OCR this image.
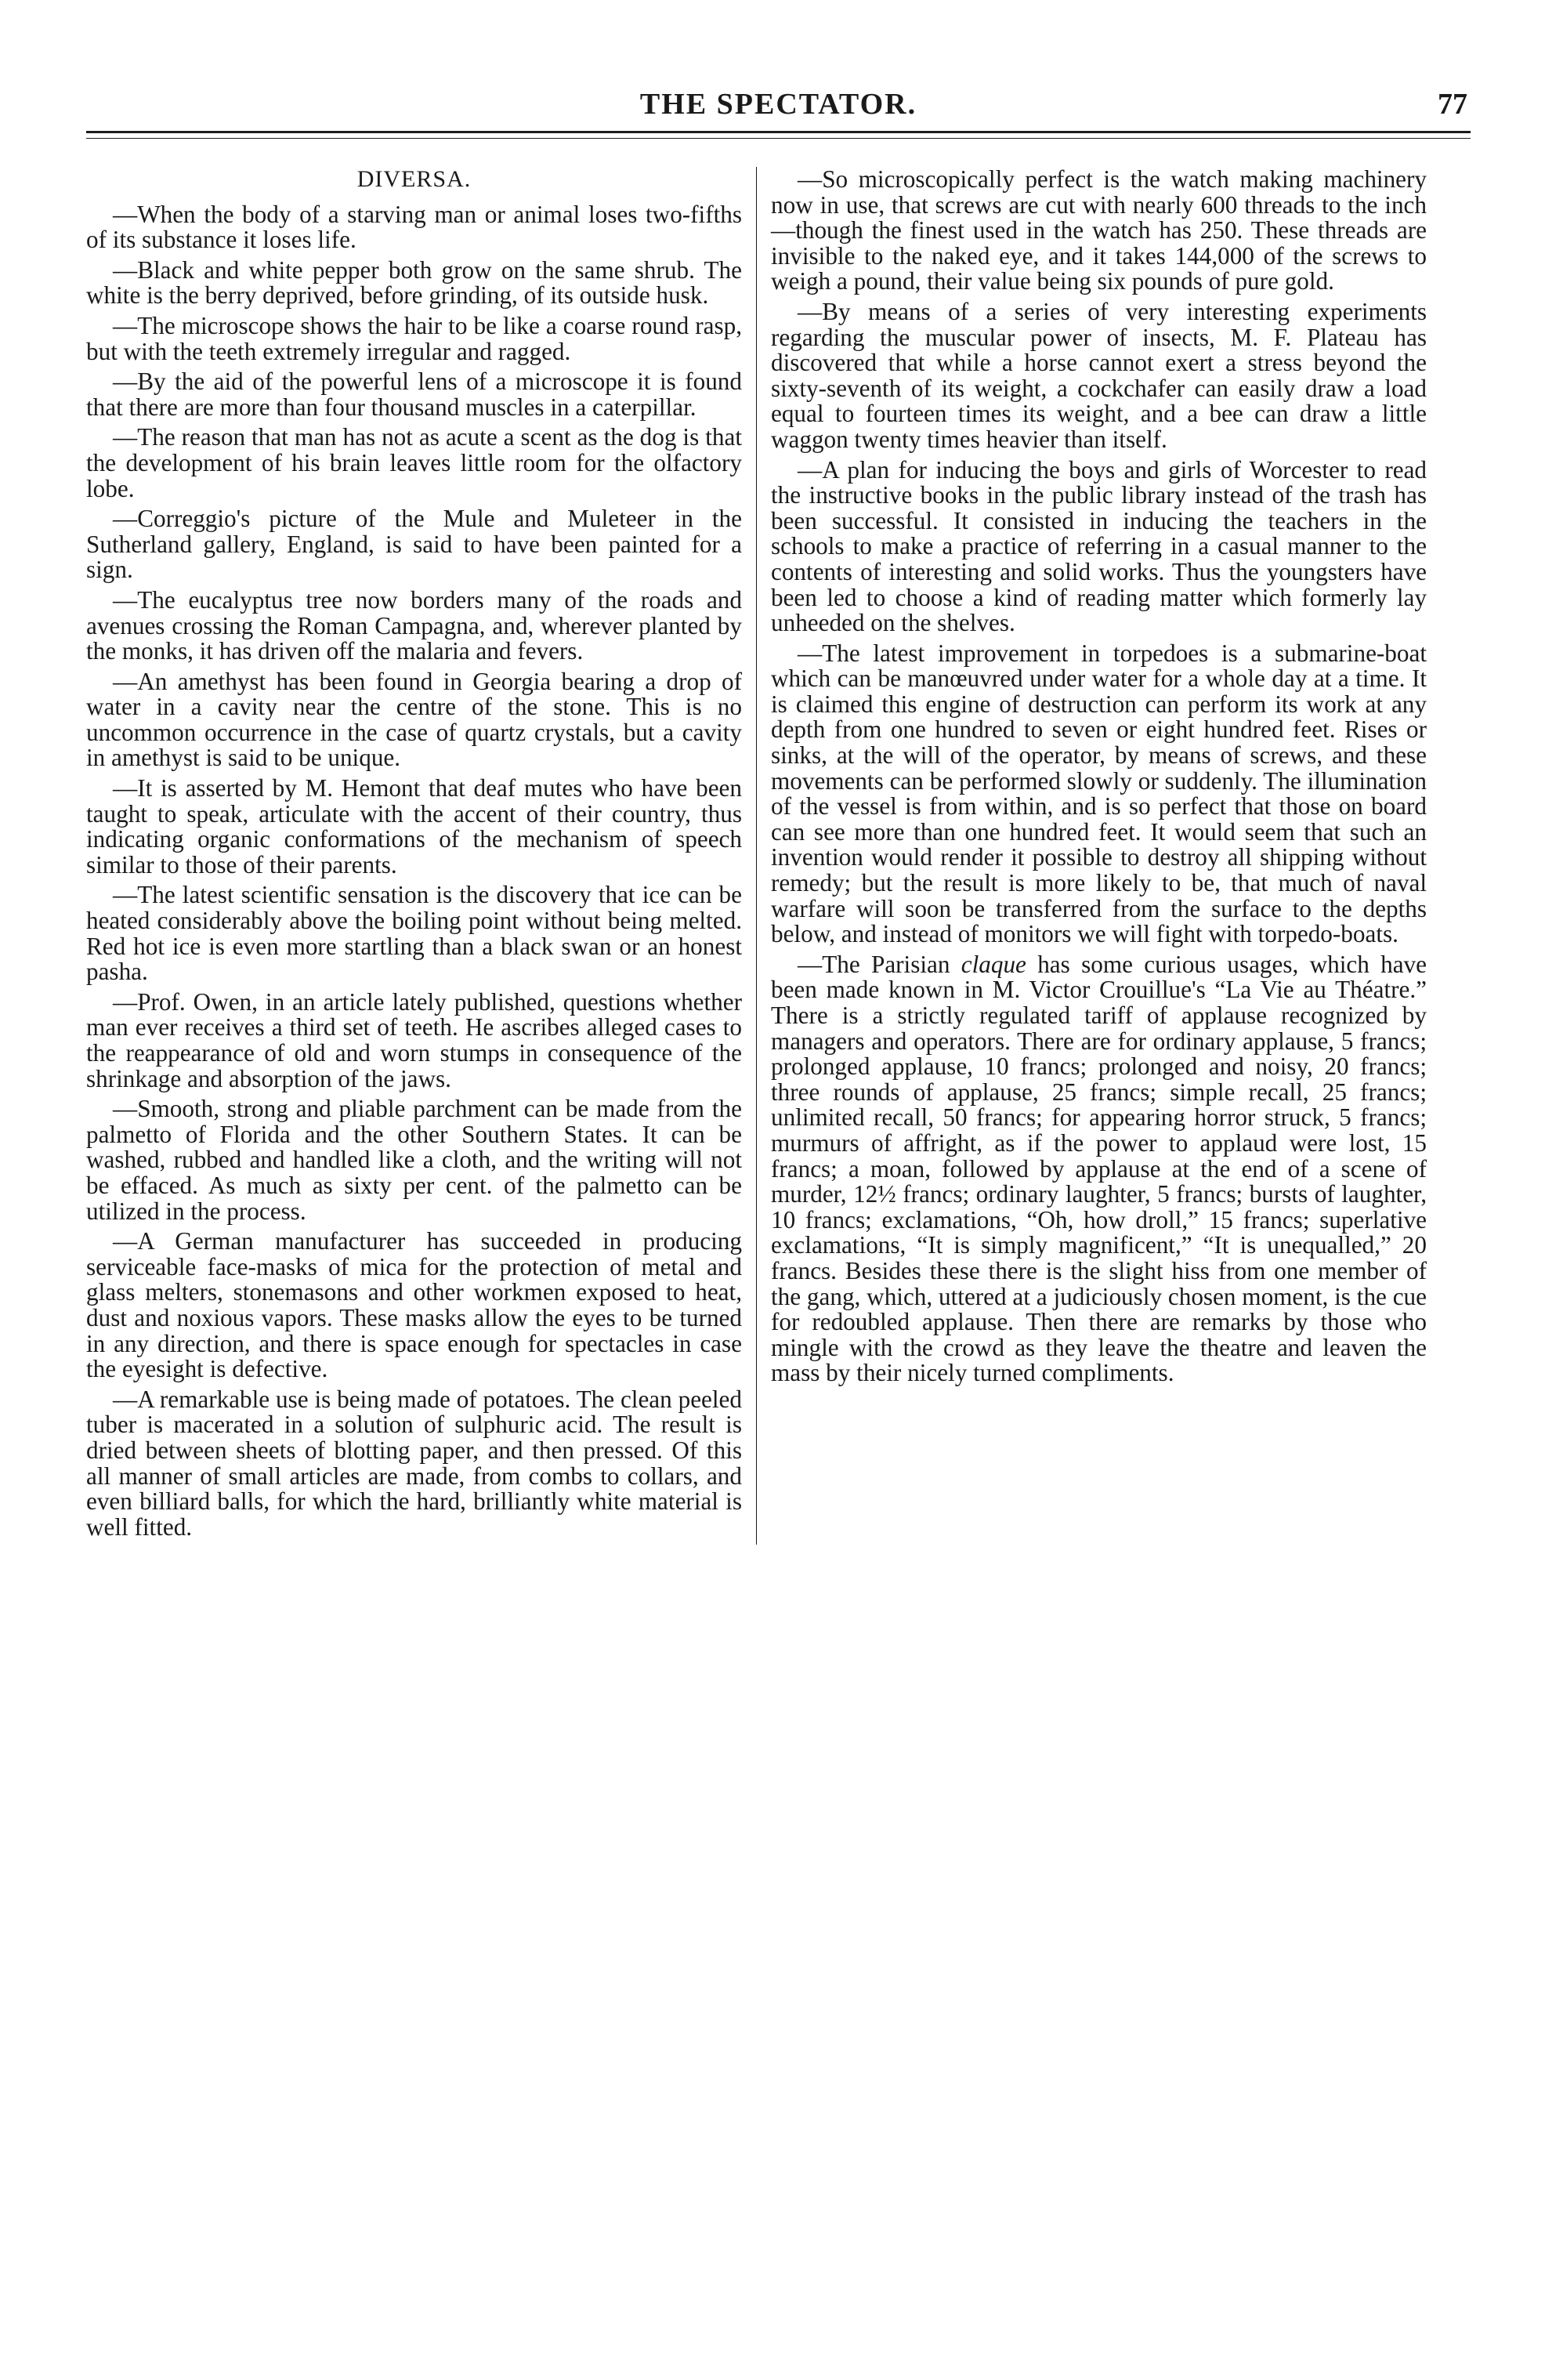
THE SPECTATOR.	77
DIVERSA.

—When the body of a starving man or animal loses two-fifths of its substance it loses life.

—Black and white pepper both grow on the same shrub. The white is the berry deprived, before grinding, of its outside husk.

—The microscope shows the hair to be like a coarse round rasp, but with the teeth extremely irregular and ragged.

—By the aid of the powerful lens of a microscope it is found that there are more than four thousand muscles in a caterpillar.

—The reason that man has not as acute a scent as the dog is that the development of his brain leaves little room for the olfactory lobe.

—Correggio's picture of the Mule and Muleteer in the Sutherland gallery, England, is said to have been painted for a sign.

—The eucalyptus tree now borders many of the roads and avenues crossing the Roman Campagna, and, wherever planted by the monks, it has driven off the malaria and fevers.

—An amethyst has been found in Georgia bearing a drop of water in a cavity near the centre of the stone. This is no uncommon occurrence in the case of quartz crystals, but a cavity in amethyst is said to be unique.

—It is asserted by M. Hemont that deaf mutes who have been taught to speak, articulate with the accent of their country, thus indicating organic conformations of the mechanism of speech similar to those of their parents.

—The latest scientific sensation is the discovery that ice can be heated considerably above the boiling point without being melted. Red hot ice is even more startling than a black swan or an honest pasha.

—Prof. Owen, in an article lately published, questions whether man ever receives a third set of teeth. He ascribes alleged cases to the reappearance of old and worn stumps in consequence of the shrinkage and absorption of the jaws.

—Smooth, strong and pliable parchment can be made from the palmetto of Florida and the other Southern States. It can be washed, rubbed and handled like a cloth, and the writing will not be effaced. As much as sixty per cent. of the palmetto can be utilized in the process.

—A German manufacturer has succeeded in producing serviceable face-masks of mica for the protection of metal and glass melters, stonemasons and other workmen exposed to heat, dust and noxious vapors. These masks allow the eyes to be turned in any direction, and there is space enough for spectacles in case the eyesight is defective.

—A remarkable use is being made of potatoes. The clean peeled tuber is macerated in a solution of sulphuric acid. The result is dried between sheets of blotting paper, and then pressed. Of this all manner of small articles are made, from combs to collars, and even billiard balls, for which the hard, brilliantly white material is well fitted.

—So microscopically perfect is the watch making machinery now in use, that screws are cut with nearly 600 threads to the inch—though the finest used in the watch has 250. These threads are invisible to the naked eye, and it takes 144,000 of the screws to weigh a pound, their value being six pounds of pure gold.

—By means of a series of very interesting experiments regarding the muscular power of insects, M. F. Plateau has discovered that while a horse cannot exert a stress beyond the sixty-seventh of its weight, a cockchafer can easily draw a load equal to fourteen times its weight, and a bee can draw a little waggon twenty times heavier than itself.

—A plan for inducing the boys and girls of Worcester to read the instructive books in the public library instead of the trash has been successful. It consisted in inducing the teachers in the schools to make a practice of referring in a casual manner to the contents of interesting and solid works. Thus the youngsters have been led to choose a kind of reading matter which formerly lay unheeded on the shelves.

—The latest improvement in torpedoes is a submarine-boat which can be manœuvred under water for a whole day at a time. It is claimed this engine of destruction can perform its work at any depth from one hundred to seven or eight hundred feet. Rises or sinks, at the will of the operator, by means of screws, and these movements can be performed slowly or suddenly. The illumination of the vessel is from within, and is so perfect that those on board can see more than one hundred feet. It would seem that such an invention would render it possible to destroy all shipping without remedy; but the result is more likely to be, that much of naval warfare will soon be transferred from the surface to the depths below, and instead of monitors we will fight with torpedo-boats.

—The Parisian claque has some curious usages, which have been made known in M. Victor Crouillue's “La Vie au Théatre.” There is a strictly regulated tariff of applause recognized by managers and operators. There are for ordinary applause, 5 francs; prolonged applause, 10 francs; prolonged and noisy, 20 francs; three rounds of applause, 25 francs; simple recall, 25 francs; unlimited recall, 50 francs; for appearing horror struck, 5 francs; murmurs of affright, as if the power to applaud were lost, 15 francs; a moan, followed by applause at the end of a scene of murder, 12½ francs; ordinary laughter, 5 francs; bursts of laughter, 10 francs; exclamations, “Oh, how droll,” 15 francs; superlative exclamations, “It is simply magnificent,” “It is unequalled,” 20 francs. Besides these there is the slight hiss from one member of the gang, which, uttered at a judiciously chosen moment, is the cue for redoubled applause. Then there are remarks by those who mingle with the crowd as they leave the theatre and leaven the mass by their nicely turned compliments.
